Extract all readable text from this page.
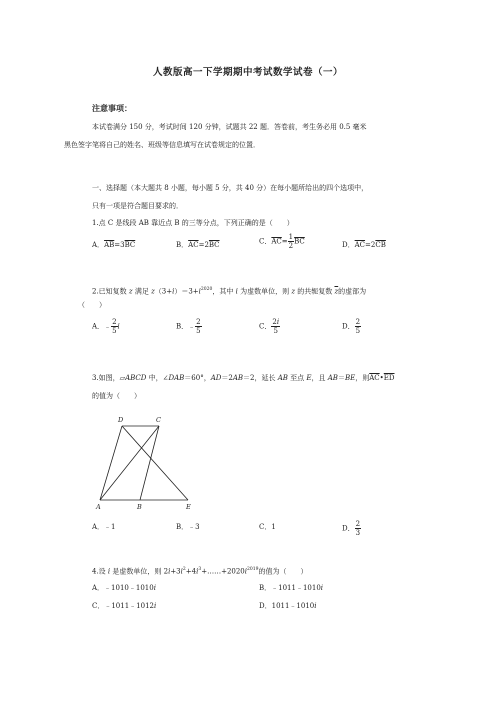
人教版高一下学期期中考试数学试卷（一）
注意事项：
本试卷满分 150 分，考试时间 120 分钟，试题共 22 题．答卷前，考生务必用 0.5 毫米
黑色签字笔将自己的姓名、班级等信息填写在试卷规定的位置．
一、选择题（本大题共 8 小题，每小题 5 分，共 40 分）在每小题所给出的四个选项中，
只有一项是符合题目要求的．
1.点 C 是线段 AB 靠近点 B 的三等分点，下列正确的是（　　）
A．$\overline{AB}=3\overline{BC}$	B．$\overline{AC}=2\overline{BC}$	C．$\overline{AC}= \frac{1}{2} \overline{BC}$	D．$\overline{AC}=2\overline{CB}$
2.已知复数 z 满足 $z(3+i)=3+i^{2020}$，其中 i 为虚数单位，则 z 的共轭复数 $\overline{z}$的虚部为
（　　）
A．﹣ $\frac{2}{5}$ i	B．﹣ $\frac{2}{5}$	C． $\frac{2i}{5}$	D． $\frac{2}{5}$
3.如图，▱ABCD 中，∠DAB＝60°，AD＝2AB＝2，延长 AB 至点 E，且 AB＝BE，则$\overline{AC}•\overline{ED}$
的值为（　　）
D	C
A	B	E
A．﹣1	B．﹣3	C．1	D． $\frac{2}{3}$
4.设 i 是虚数单位，则 $2i+3i^2+4i^3+\dots\dots+2020i^{2019}$的值为（　　）
A．﹣1010﹣1010i	B．﹣1011﹣1010i
C．﹣1011﹣1012i	D．1011﹣1010i
